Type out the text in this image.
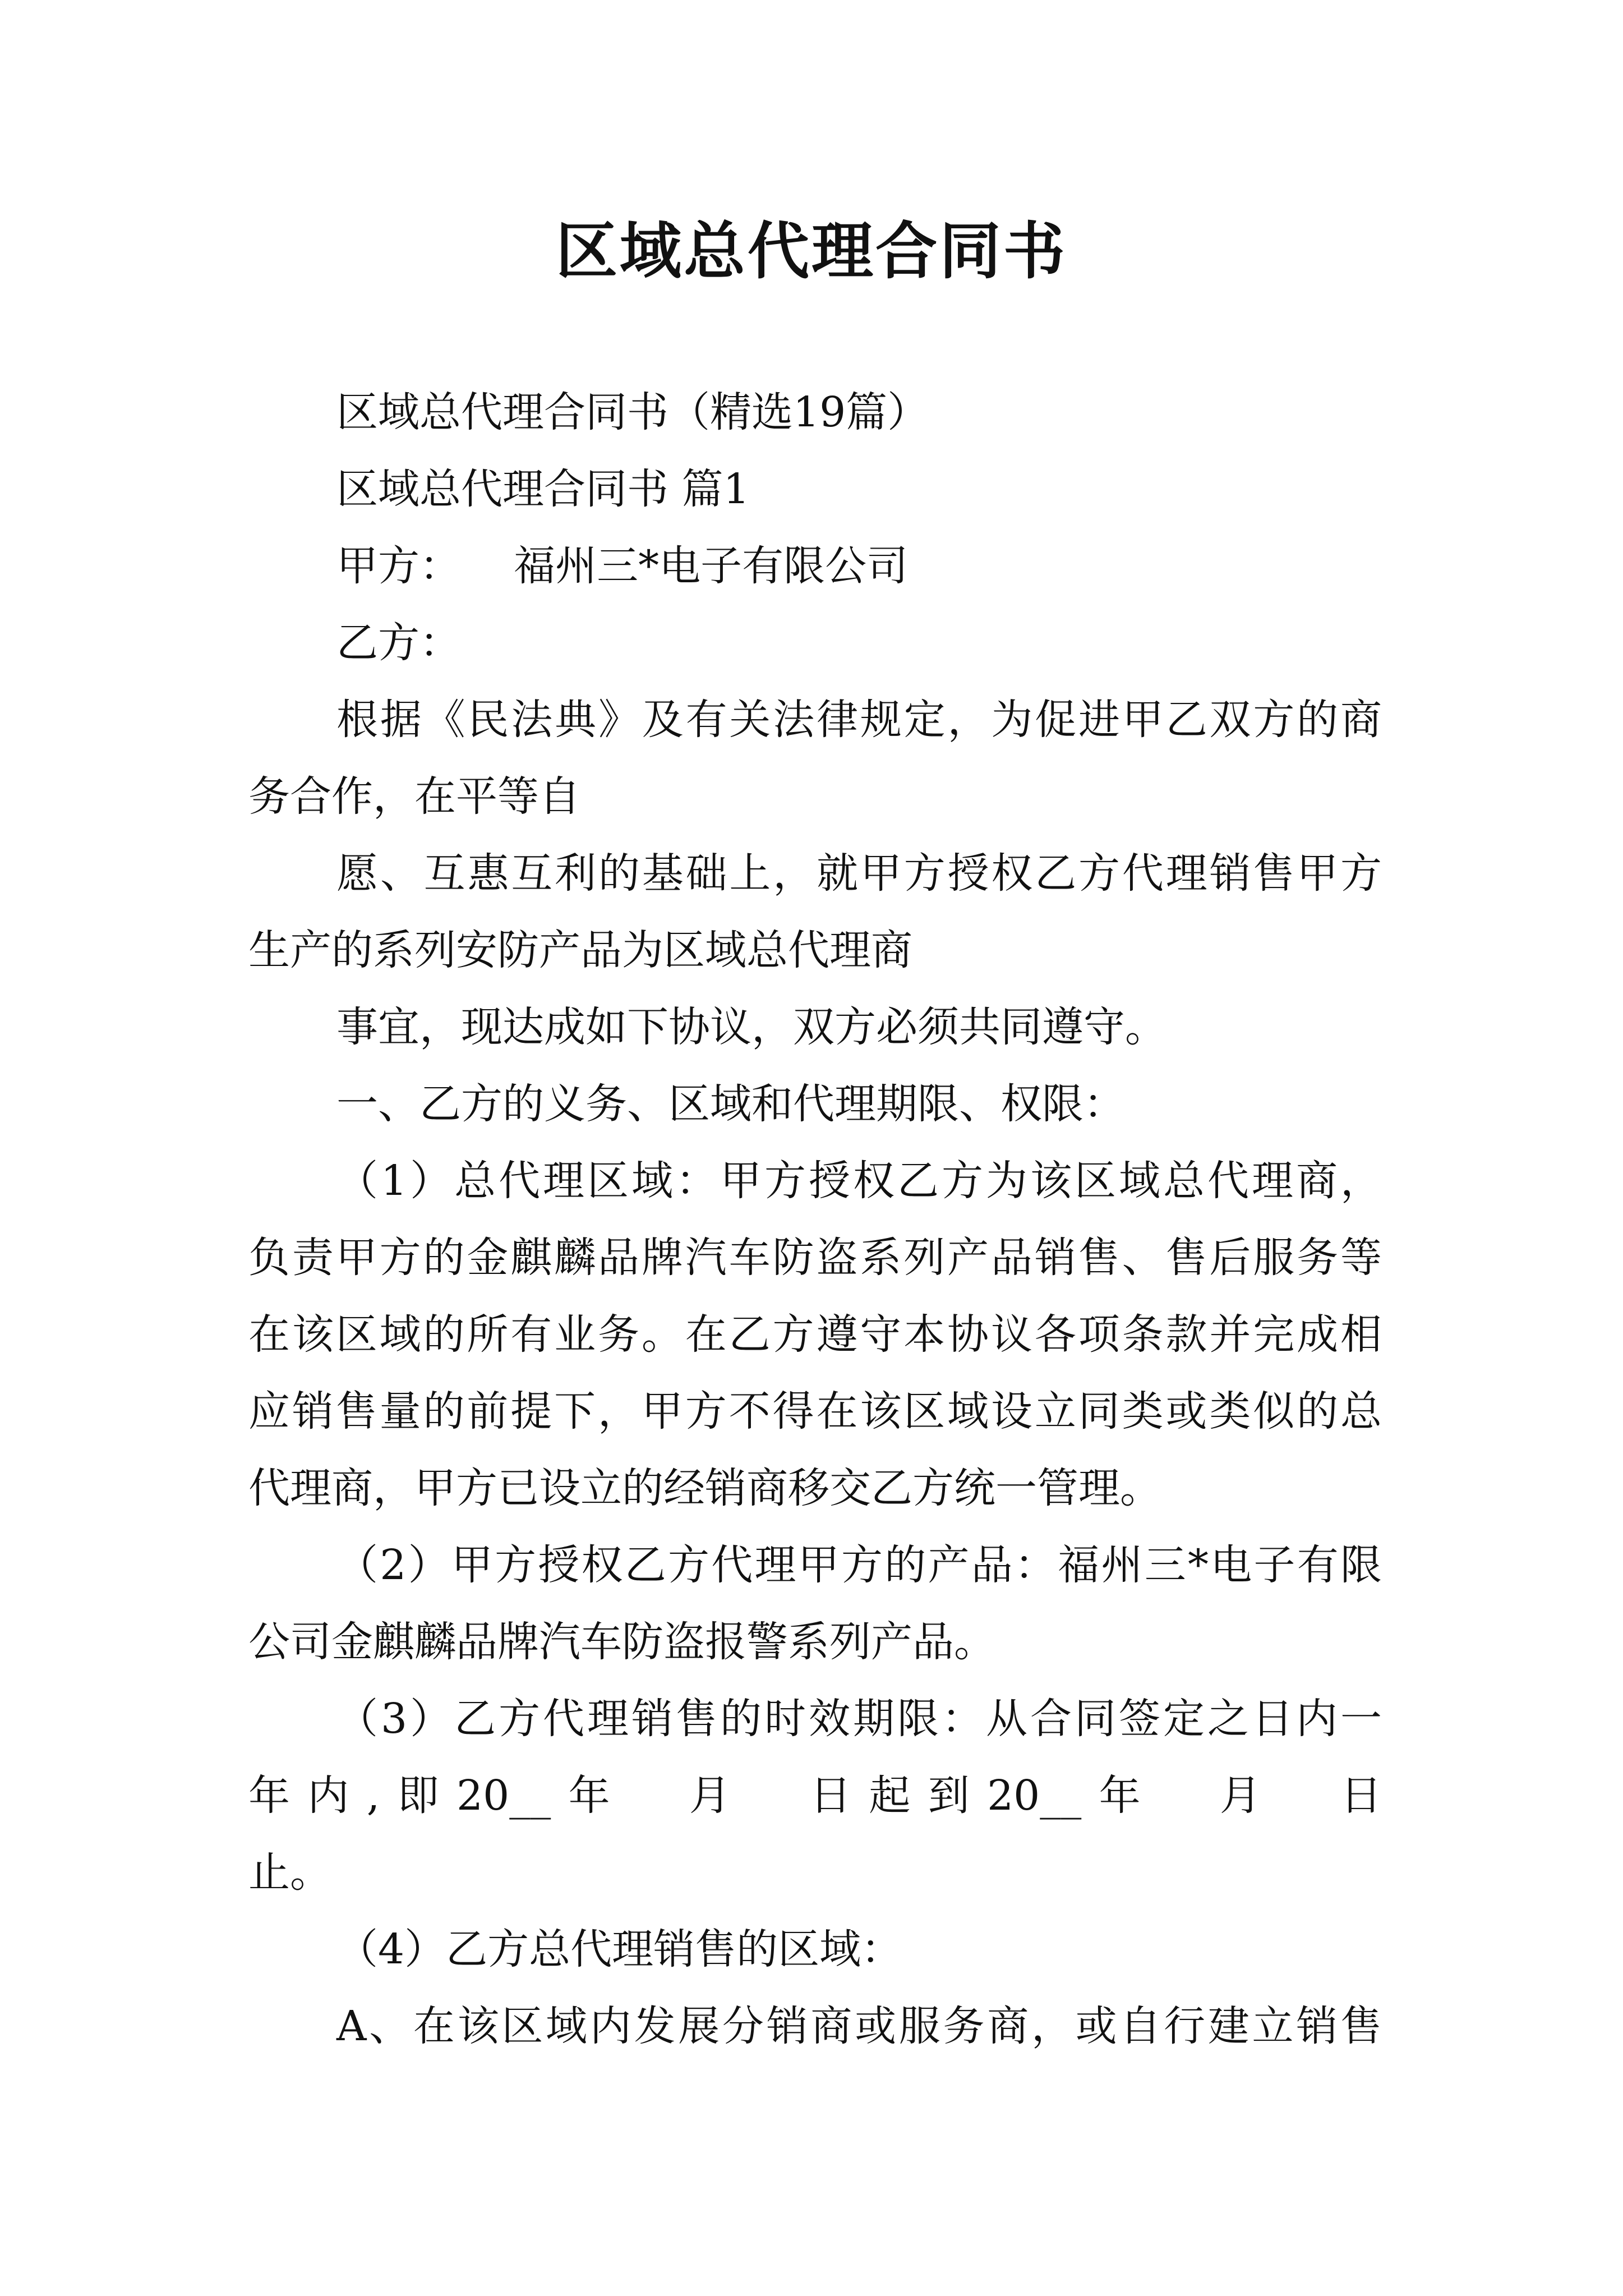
区域总代理合同书
区域总代理合同书（精选19篇）
区域总代理合同书 篇1
甲方：    福州三*电子有限公司
乙方：
根据《民法典》及有关法律规定，为促进甲乙双方的商
务合作，在平等自
愿、互惠互利的基础上，就甲方授权乙方代理销售甲方
生产的系列安防产品为区域总代理商
事宜，现达成如下协议，双方必须共同遵守。
一、乙方的义务、区域和代理期限、权限：
（1）总代理区域：甲方授权乙方为该区域总代理商，
负责甲方的金麒麟品牌汽车防盗系列产品销售、售后服务等
在该区域的所有业务。在乙方遵守本协议各项条款并完成相
应销售量的前提下，甲方不得在该区域设立同类或类似的总
代理商，甲方已设立的经销商移交乙方统一管理。
（2）甲方授权乙方代理甲方的产品：福州三*电子有限
公司金麒麟品牌汽车防盗报警系列产品。
（3）乙方代理销售的时效期限：从合同签定之日内一
年内,即20__年  月  日起到20__年  月  日
止。
（4）乙方总代理销售的区域：
A、在该区域内发展分销商或服务商，或自行建立销售
